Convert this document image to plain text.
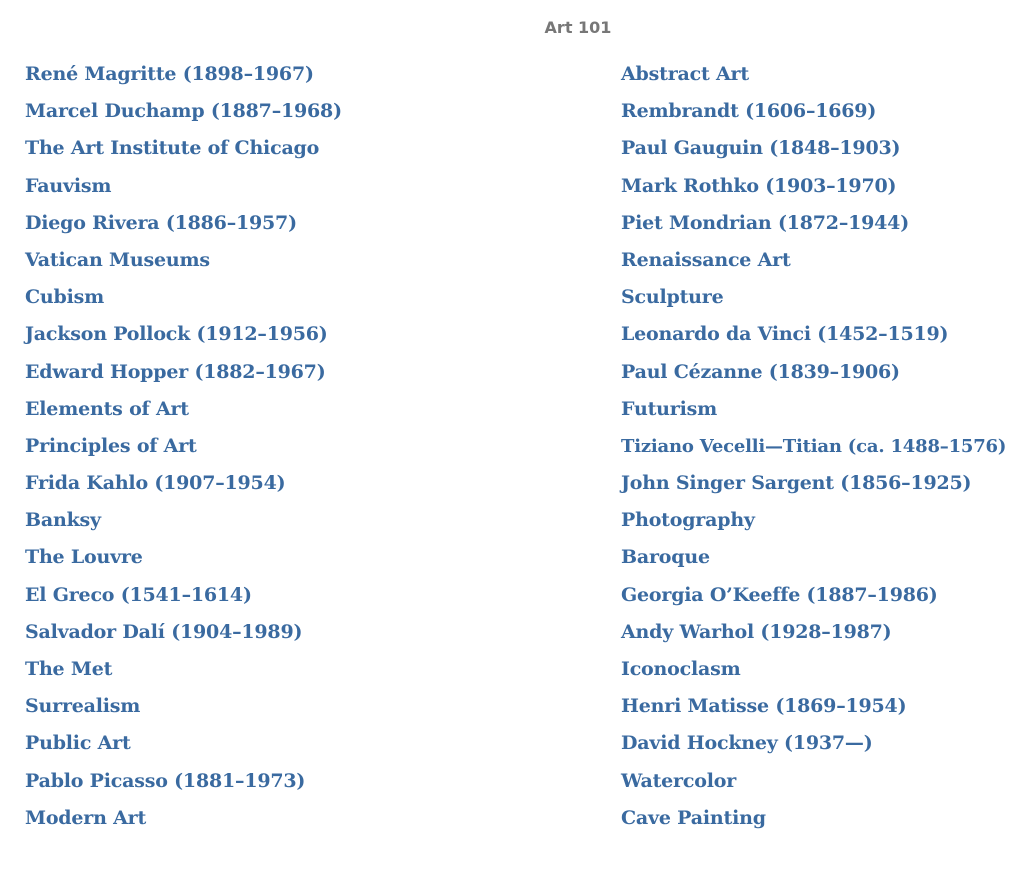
Art 101
René Magritte (1898–1967)
Marcel Duchamp (1887–1968)
The Art Institute of Chicago
Fauvism
Diego Rivera (1886–1957)
Vatican Museums
Cubism
Jackson Pollock (1912–1956)
Edward Hopper (1882–1967)
Elements of Art
Principles of Art
Frida Kahlo (1907–1954)
Banksy
The Louvre
El Greco (1541–1614)
Salvador Dalí (1904–1989)
The Met
Surrealism
Public Art
Pablo Picasso (1881–1973)
Modern Art
Abstract Art
Rembrandt (1606–1669)
Paul Gauguin (1848–1903)
Mark Rothko (1903–1970)
Piet Mondrian (1872–1944)
Renaissance Art
Sculpture
Leonardo da Vinci (1452–1519)
Paul Cézanne (1839–1906)
Futurism
Tiziano Vecelli—Titian (ca. 1488–1576)
John Singer Sargent (1856–1925)
Photography
Baroque
Georgia O’Keeffe (1887–1986)
Andy Warhol (1928–1987)
Iconoclasm
Henri Matisse (1869–1954)
David Hockney (1937—)
Watercolor
Cave Painting
